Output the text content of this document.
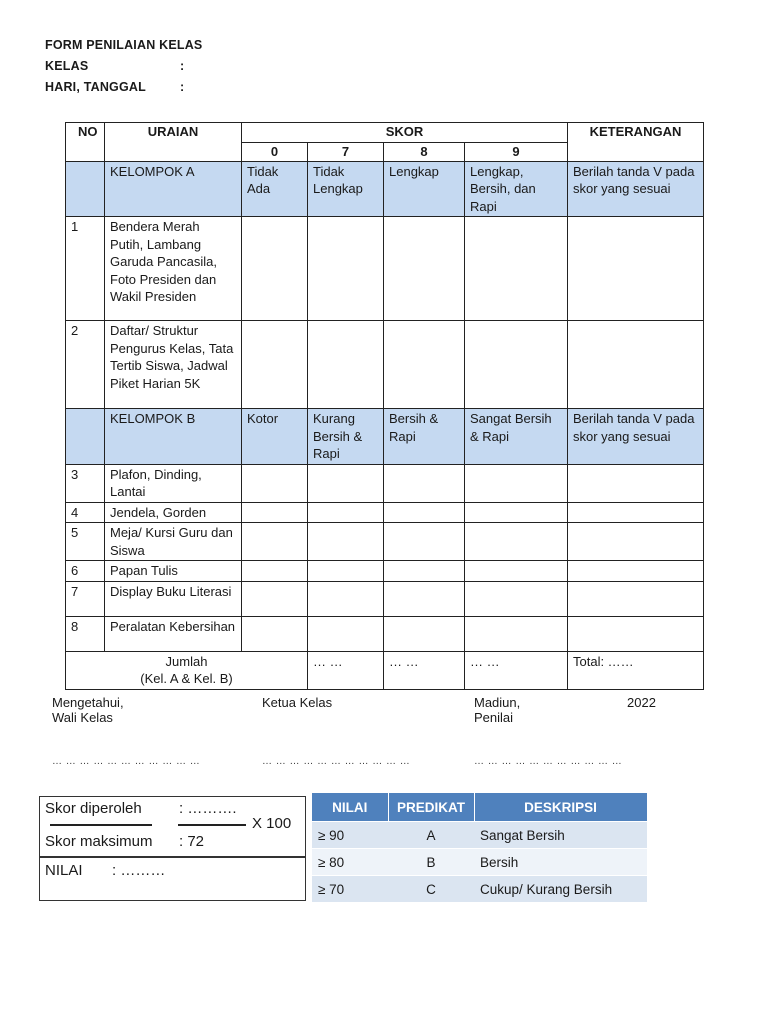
FORM PENILAIAN KELAS
KELAS	:
HARI, TANGGAL	:
NO	URAIAN	SKOR				KETERANGAN
		0	7	8	9	
	KELOMPOK A	Tidak Ada	Tidak Lengkap	Lengkap	Lengkap, Bersih, dan Rapi	Berilah tanda V pada skor yang sesuai
1	Bendera Merah Putih, Lambang Garuda Pancasila, Foto Presiden dan Wakil Presiden					
2	Daftar/ Struktur Pengurus Kelas, Tata Tertib Siswa, Jadwal Piket Harian 5K					
	KELOMPOK B	Kotor	Kurang Bersih & Rapi	Bersih & Rapi	Sangat Bersih & Rapi	Berilah tanda V pada skor yang sesuai
3	Plafon, Dinding, Lantai					
4	Jendela, Gorden					
5	Meja/ Kursi Guru dan Siswa					
6	Papan Tulis					
7	Display Buku Literasi					
8	Peralatan Kebersihan					

Jumlah
(Kel. A & Kel. B)			… …	… …	… …	Total: ……
Mengetahui,
Wali Kelas
Ketua Kelas	Madiun,
Penilai
2022
… … … … … … … … … … …	… … … … … … … … … … …	… … … … … … … … … … …
Skor diperoleh : ……….
X 100
Skor maksimum : 72
NILAI : ………
NILAI	PREDIKAT	DESKRIPSI
≥ 90	A	Sangat Bersih
≥ 80	B	Bersih
≥ 70	C	Cukup/ Kurang Bersih
